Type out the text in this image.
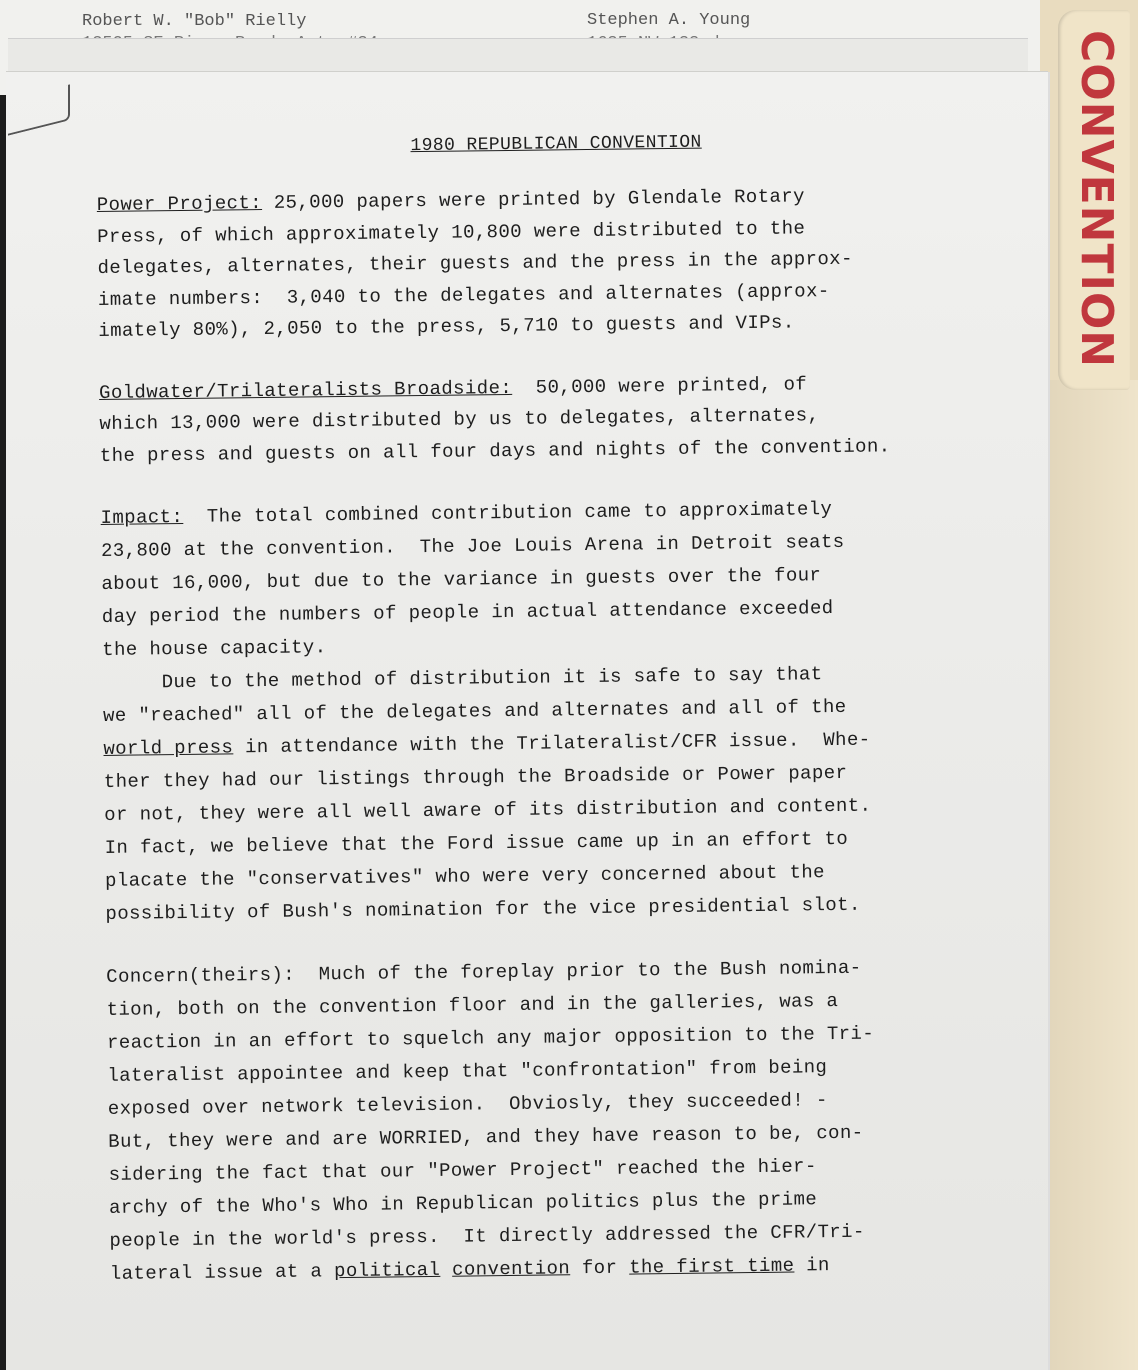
CONVENTION
Robert W. "Bob" Rielly	Stephen A. Young
1980 REPUBLICAN CONVENTION
Power Project: 25,000 papers were printed by Glendale Rotary
Press, of which approximately 10,800 were distributed to the
delegates, alternates, their guests and the press in the approx-
imate numbers:  3,040 to the delegates and alternates (approx-
imately 80%), 2,050 to the press, 5,710 to guests and VIPs.
Goldwater/Trilateralists Broadside:  50,000 were printed, of
which 13,000 were distributed by us to delegates, alternates,
the press and guests on all four days and nights of the convention.
Impact:  The total combined contribution came to approximately
23,800 at the convention.  The Joe Louis Arena in Detroit seats
about 16,000, but due to the variance in guests over the four
day period the numbers of people in actual attendance exceeded
the house capacity.
Due to the method of distribution it is safe to say that
we "reached" all of the delegates and alternates and all of the
world press in attendance with the Trilateralist/CFR issue.  Whe-
ther they had our listings through the Broadside or Power paper
or not, they were all well aware of its distribution and content.
In fact, we believe that the Ford issue came up in an effort to
placate the "conservatives" who were very concerned about the
possibility of Bush's nomination for the vice presidential slot.
Concern(theirs):  Much of the foreplay prior to the Bush nomina-
tion, both on the convention floor and in the galleries, was a
reaction in an effort to squelch any major opposition to the Tri-
lateralist appointee and keep that "confrontation" from being
exposed over network television.  Obviosly, they succeeded! -
But, they were and are WORRIED, and they have reason to be, con-
sidering the fact that our "Power Project" reached the hier-
archy of the Who's Who in Republican politics plus the prime
people in the world's press.  It directly addressed the CFR/Tri-
lateral issue at a political convention for the first time in
